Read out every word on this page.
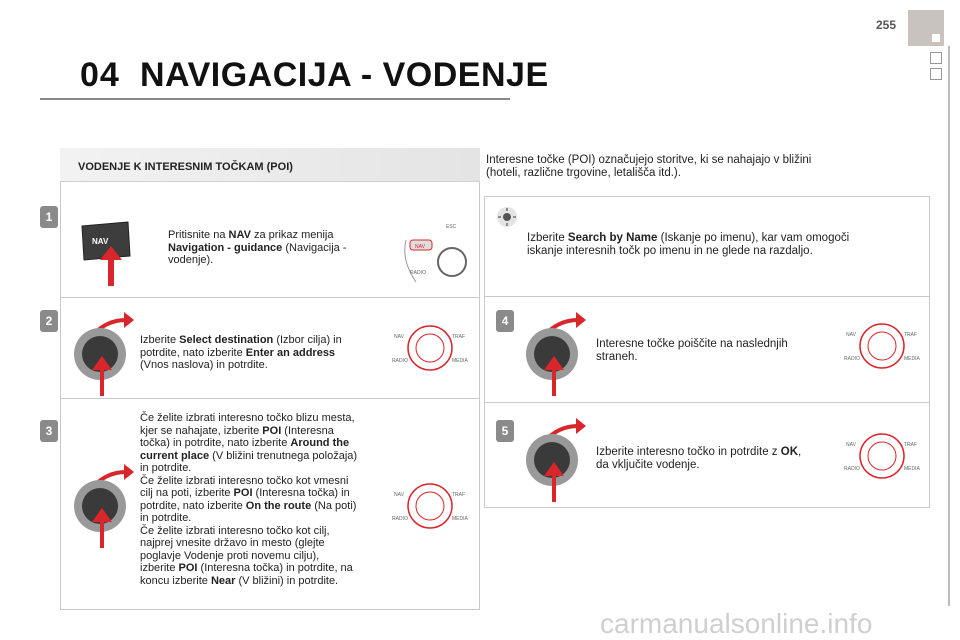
255
04 NAVIGACIJA - VODENJE
VODENJE K INTERESNIM TOČKAM (POI)
1
NAV
Pritisnite na NAV za prikaz menija
Navigation - guidance (Navigacija -
vodenje).
NAV
ESC
RADIO
2
Izberite Select destination (Izbor cilja) in
potrdite, nato izberite Enter an address
(Vnos naslova) in potrdite.
NAV	TRAF
RADIO	MEDIA
3
Če želite izbrati interesno točko blizu mesta,
kjer se nahajate, izberite POI (Interesna
točka) in potrdite, nato izberite Around the
current place (V bližini trenutnega položaja)
in potrdite.
Če želite izbrati interesno točko kot vmesni
cilj na poti, izberite POI (Interesna točka) in
potrdite, nato izberite On the route (Na poti)
in potrdite.
Če želite izbrati interesno točko kot cilj,
najprej vnesite državo in mesto (glejte
poglavje Vodenje proti novemu cilju),
izberite POI (Interesna točka) in potrdite, na
koncu izberite Near (V bližini) in potrdite.
NAV	TRAF
RADIO	MEDIA
Interesne točke (POI) označujejo storitve, ki se nahajajo v bližini
(hoteli, različne trgovine, letališča itd.).
Izberite Search by Name (Iskanje po imenu), kar vam omogoči
iskanje interesnih točk po imenu in ne glede na razdaljo.
4
Interesne točke poiščite na naslednjih
straneh.
NAV	TRAF
RADIO	MEDIA
5
Izberite interesno točko in potrdite z OK,
da vključite vodenje.
NAV	TRAF
RADIO	MEDIA
carmanualsonline.info
